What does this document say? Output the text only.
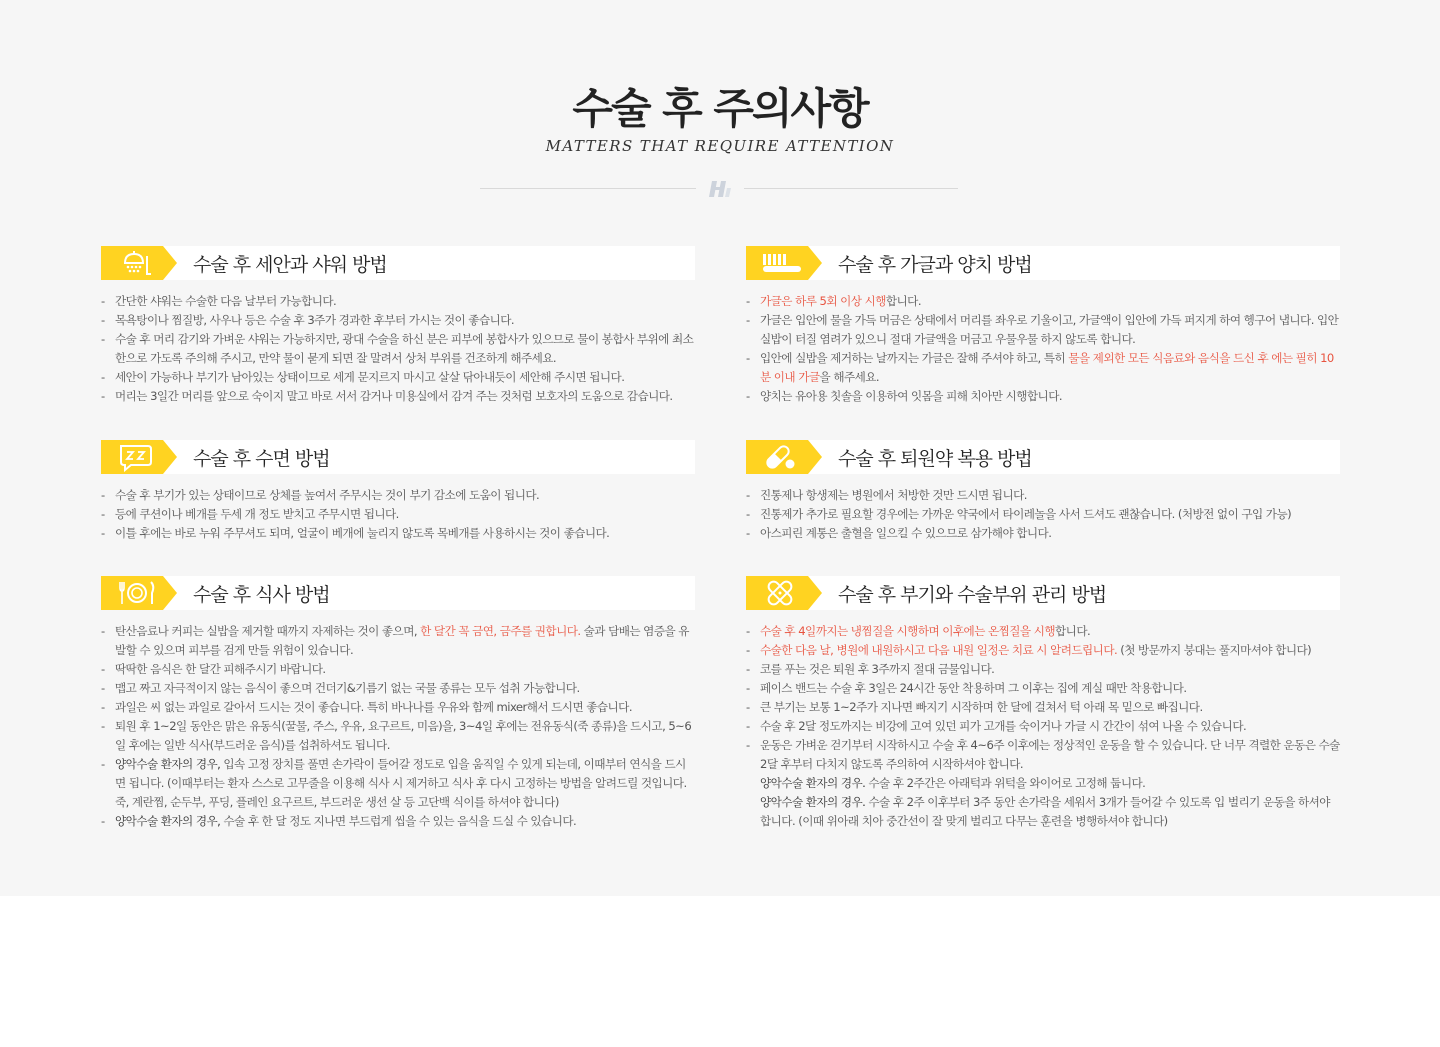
수술 후 주의사항
MATTERS THAT REQUIRE ATTENTION
수술 후 세안과 샤워 방법
- 간단한 샤워는 수술한 다음 날부터 가능합니다.
- 목욕탕이나 찜질방, 사우나 등은 수술 후 3주가 경과한 후부터 가시는 것이 좋습니다.
- 수술 후 머리 감기와 가벼운 샤워는 가능하지만, 광대 수술을 하신 분은 피부에 봉합사가 있으므로 물이 봉합사 부위에 최소한으로 가도록 주의해 주시고, 만약 물이 묻게 되면 잘 말려서 상처 부위를 건조하게 해주세요.
- 세안이 가능하나 부기가 남아있는 상태이므로 세게 문지르지 마시고 살살 닦아내듯이 세안해 주시면 됩니다.
- 머리는 3일간 머리를 앞으로 숙이지 말고 바로 서서 감거나 미용실에서 감겨 주는 것처럼 보호자의 도움으로 감습니다.
수술 후 가글과 양치 방법
- 가글은 하루 5회 이상 시행합니다.
- 가글은 입안에 물을 가득 머금은 상태에서 머리를 좌우로 기울이고, 가글액이 입안에 가득 퍼지게 하여 헹구어 냅니다. 입안 실밥이 터질 염려가 있으니 절대 가글액을 머금고 우물우물 하지 않도록 합니다.
- 입안에 실밥을 제거하는 날까지는 가글은 잘해 주셔야 하고, 특히 물을 제외한 모든 식음료와 음식을 드신 후 에는 필히 10분 이내 가글을 해주세요.
- 양치는 유아용 칫솔을 이용하여 잇몸을 피해 치아만 시행합니다.
수술 후 수면 방법
- 수술 후 부기가 있는 상태이므로 상체를 높여서 주무시는 것이 부기 감소에 도움이 됩니다.
- 등에 쿠션이나 베개를 두세 개 정도 받치고 주무시면 됩니다.
- 이틀 후에는 바로 누워 주무셔도 되며, 얼굴이 베개에 눌리지 않도록 목베개를 사용하시는 것이 좋습니다.
수술 후 퇴원약 복용 방법
- 진통제나 항생제는 병원에서 처방한 것만 드시면 됩니다.
- 진통제가 추가로 필요할 경우에는 가까운 약국에서 타이레놀을 사서 드셔도 괜찮습니다. (처방전 없이 구입 가능)
- 아스피린 계통은 출혈을 일으킬 수 있으므로 삼가해야 합니다.
수술 후 식사 방법
- 탄산음료나 커피는 실밥을 제거할 때까지 자제하는 것이 좋으며, 한 달간 꼭 금연, 금주를 권합니다. 술과 담배는 염증을 유발할 수 있으며 피부를 검게 만들 위험이 있습니다.
- 딱딱한 음식은 한 달간 피해주시기 바랍니다.
- 맵고 짜고 자극적이지 않는 음식이 좋으며 건더기&기름기 없는 국물 종류는 모두 섭취 가능합니다.
- 과일은 씨 없는 과일로 갈아서 드시는 것이 좋습니다. 특히 바나나를 우유와 함께 mixer해서 드시면 좋습니다.
- 퇴원 후 1~2일 동안은 맑은 유동식(꿀물, 주스, 우유, 요구르트, 미음)을, 3~4일 후에는 전유동식(죽 종류)을 드시고, 5~6일 후에는 일반 식사(부드러운 음식)를 섭취하셔도 됩니다.
- 양악수술 환자의 경우, 입속 고정 장치를 풀면 손가락이 들어갈 정도로 입을 움직일 수 있게 되는데, 이때부터 연식을 드시면 됩니다. (이때부터는 환자 스스로 고무줄을 이용해 식사 시 제거하고 식사 후 다시 고정하는 방법을 알려드릴 것입니다. 죽, 계란찜, 순두부, 푸딩, 플레인 요구르트, 부드러운 생선 살 등 고단백 식이를 하셔야 합니다)
- 양악수술 환자의 경우, 수술 후 한 달 정도 지나면 부드럽게 씹을 수 있는 음식을 드실 수 있습니다.
수술 후 부기와 수술부위 관리 방법
- 수술 후 4일까지는 냉찜질을 시행하며 이후에는 온찜질을 시행합니다.
- 수술한 다음 날, 병원에 내원하시고 다음 내원 일정은 치료 시 알려드립니다. (첫 방문까지 붕대는 풀지마셔야 합니다)
- 코를 푸는 것은 퇴원 후 3주까지 절대 금물입니다.
- 페이스 밴드는 수술 후 3일은 24시간 동안 착용하며 그 이후는 집에 계실 때만 착용합니다.
- 큰 부기는 보통 1~2주가 지나면 빠지기 시작하며 한 달에 걸쳐서 턱 아래 목 밑으로 빠집니다.
- 수술 후 2달 정도까지는 비강에 고여 있던 피가 고개를 숙이거나 가글 시 간간이 섞여 나올 수 있습니다.
- 운동은 가벼운 걷기부터 시작하시고 수술 후 4~6주 이후에는 정상적인 운동을 할 수 있습니다. 단 너무 격렬한 운동은 수술 2달 후부터 다치지 않도록 주의하여 시작하셔야 합니다.
양악수술 환자의 경우. 수술 후 2주간은 아래턱과 위턱을 와이어로 고정해 둡니다.
양악수술 환자의 경우. 수술 후 2주 이후부터 3주 동안 손가락을 세워서 3개가 들어갈 수 있도록 입 벌리기 운동을 하셔야합니다. (이때 위아래 치아 중간선이 잘 맞게 벌리고 다무는 훈련을 병행하셔야 합니다)
